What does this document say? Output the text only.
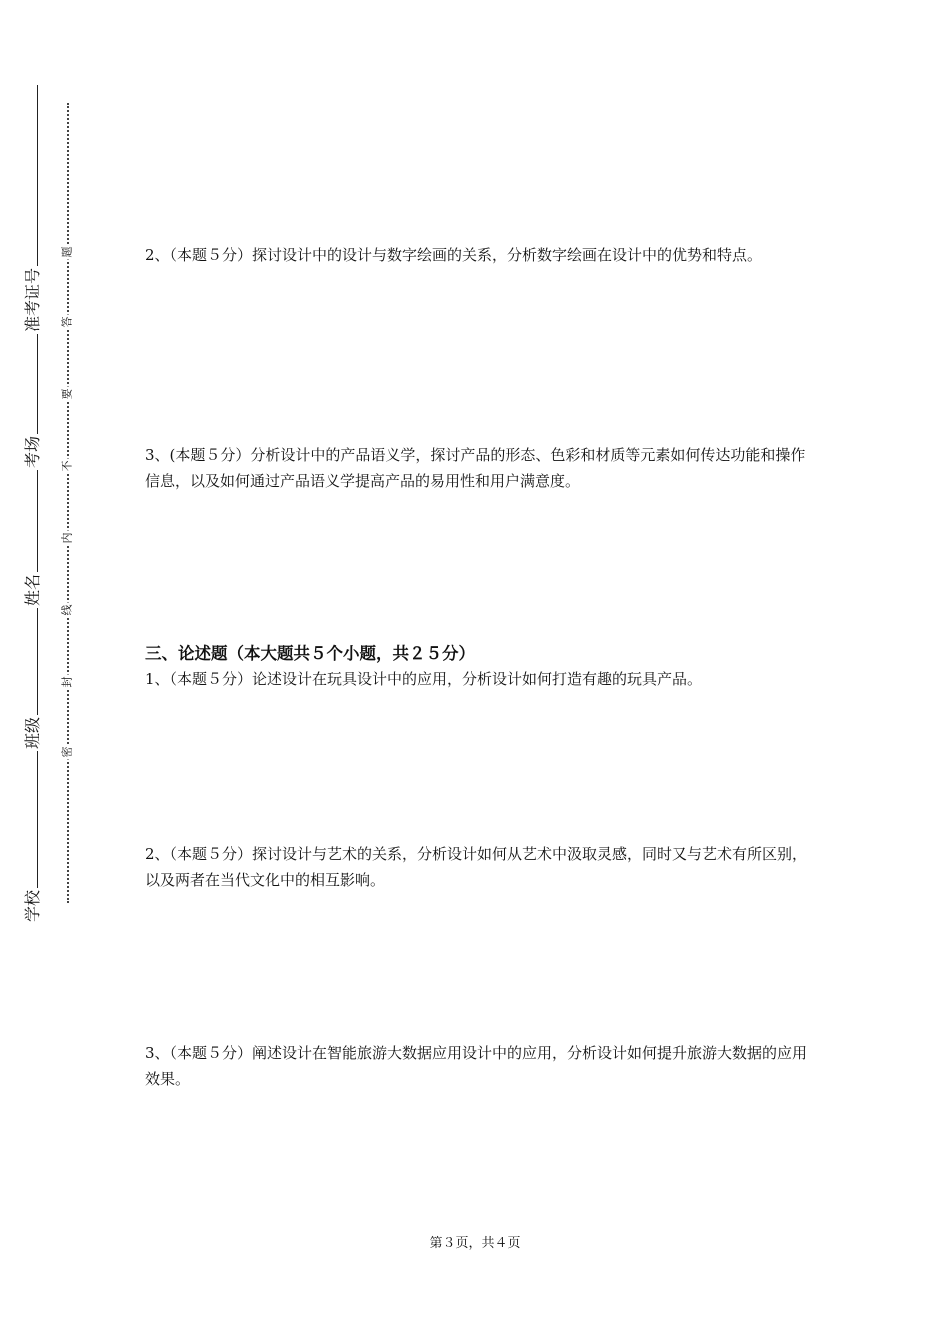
准考证号
考场
姓名
班级
学校
题
答
要
不
内
线
封
密

2、（本题５分）探讨设计中的设计与数字绘画的关系，分析数字绘画在设计中的优势和特点。

3、(本题５分）分析设计中的产品语义学，探讨产品的形态、色彩和材质等元素如何传达功能和操作信息，以及如何通过产品语义学提高产品的易用性和用户满意度。

三、论述题（本大题共５个小题，共２５分）

1、（本题５分）论述设计在玩具设计中的应用，分析设计如何打造有趣的玩具产品。

2、（本题５分）探讨设计与艺术的关系，分析设计如何从艺术中汲取灵感，同时又与艺术有所区别，以及两者在当代文化中的相互影响。

3、（本题５分）阐述设计在智能旅游大数据应用设计中的应用，分析设计如何提升旅游大数据的应用效果。

第３页，共４页
